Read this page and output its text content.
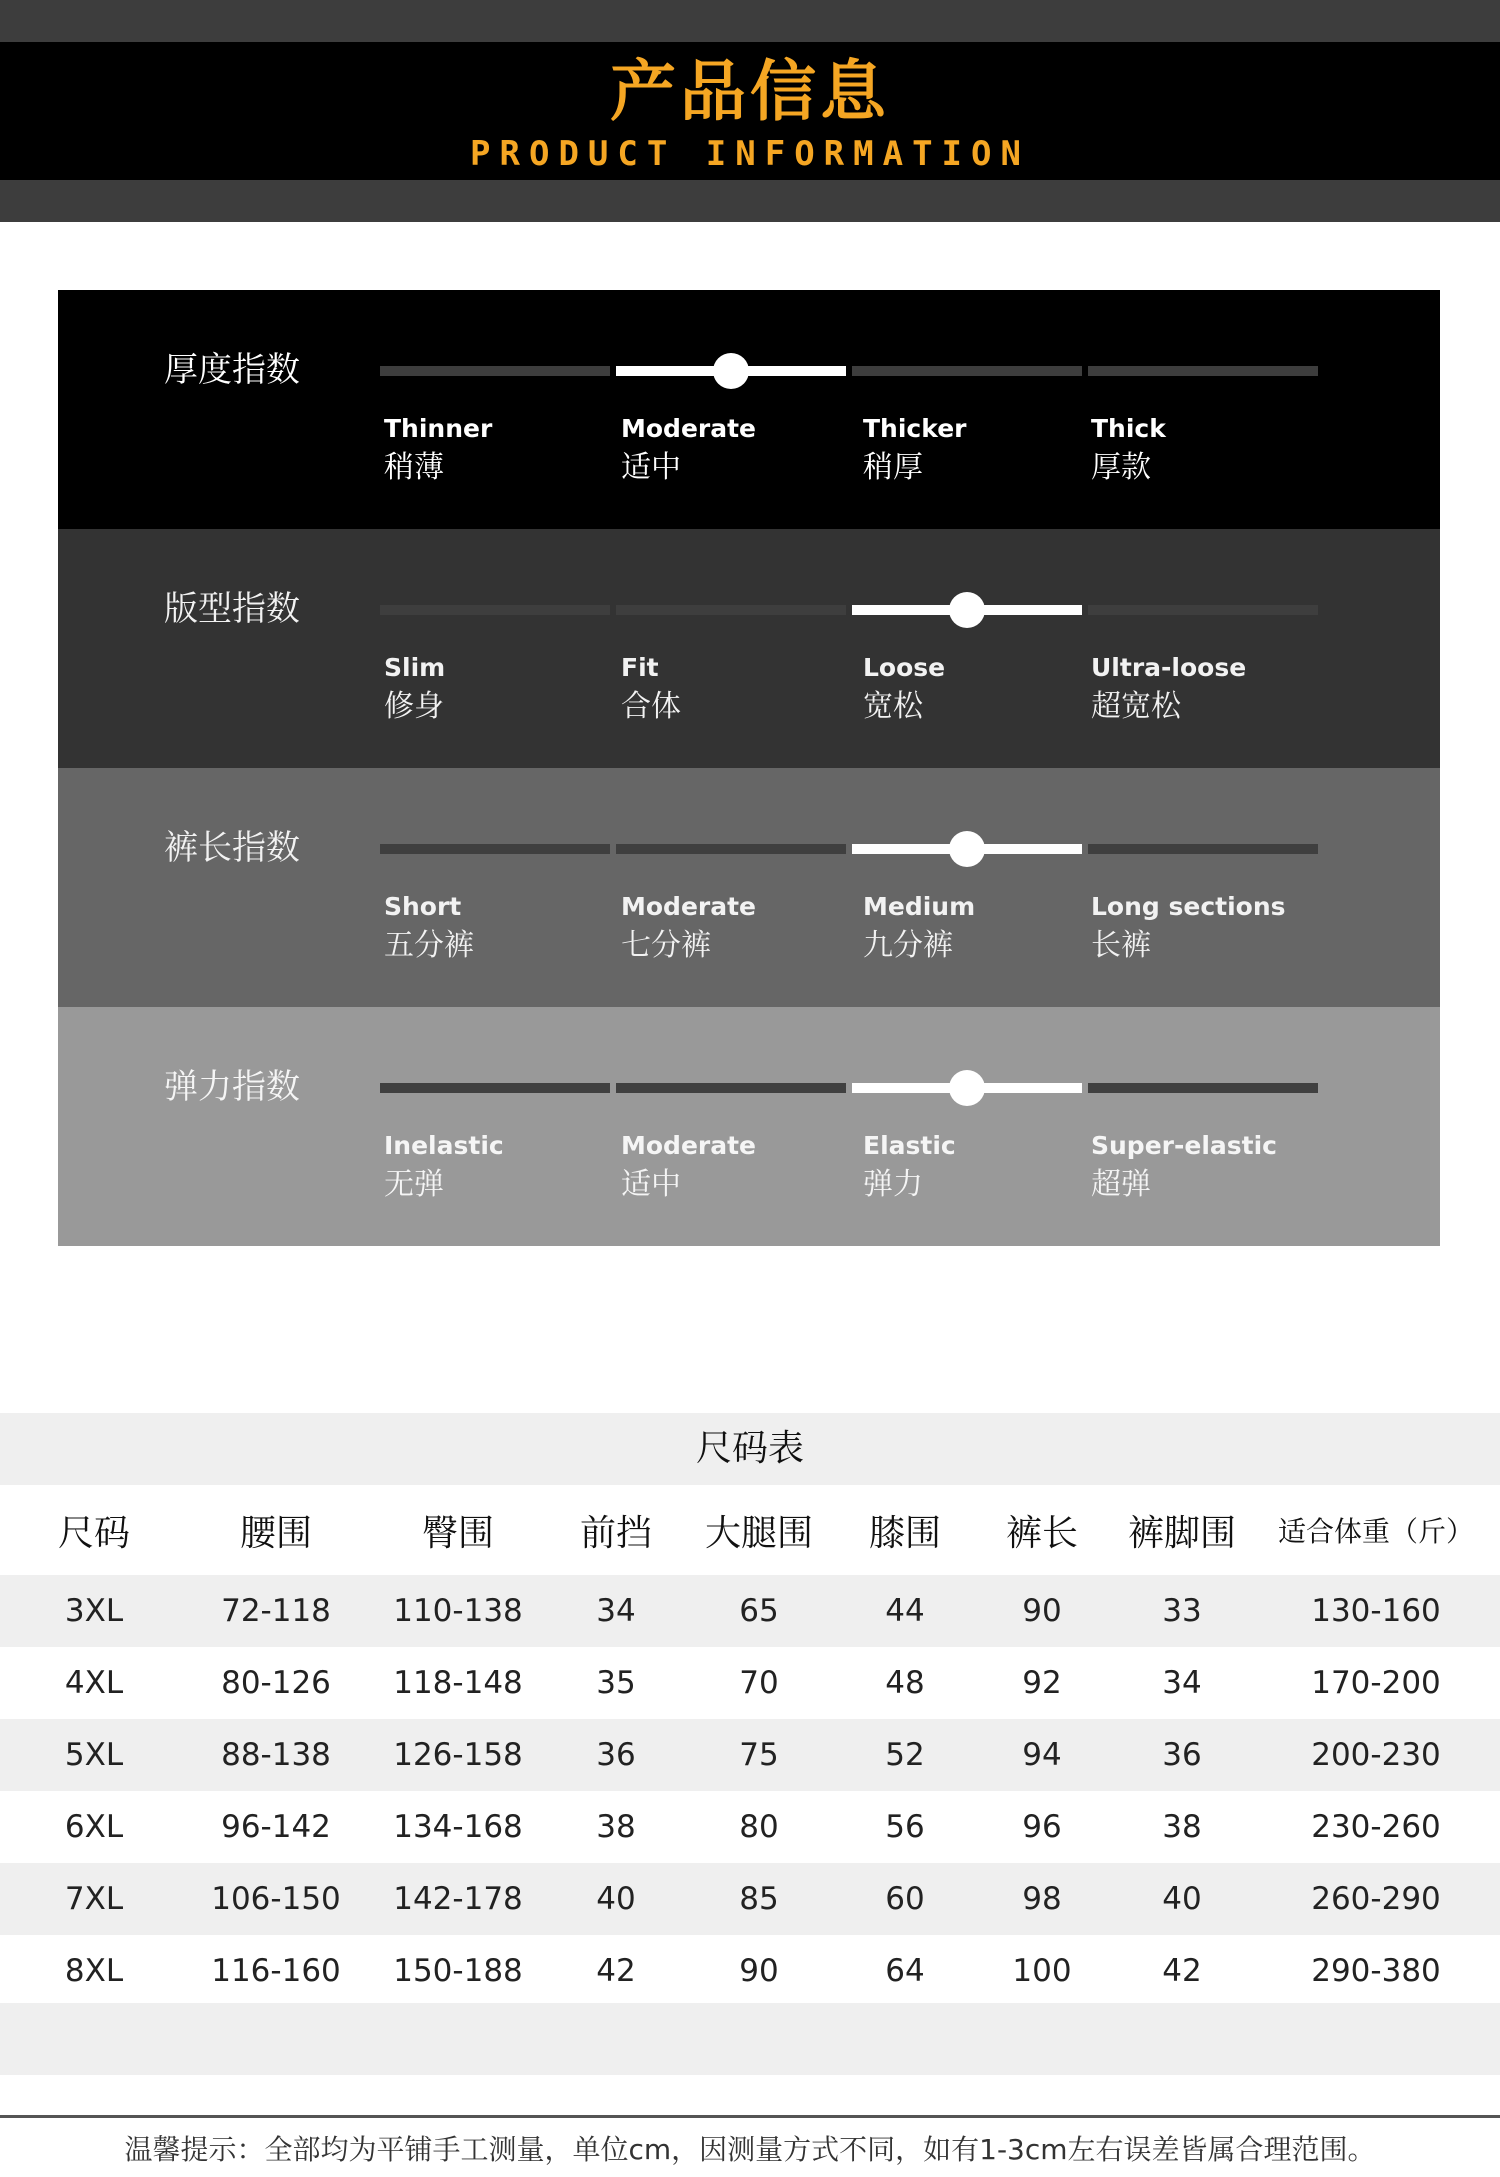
产品信息
PRODUCT INFORMATION
厚度指数
Thinner
稍薄
Moderate
适中
Thicker
稍厚
Thick
厚款
版型指数
Slim
修身
Fit
合体
Loose
宽松
Ultra-loose
超宽松
裤长指数
Short
五分裤
Moderate
七分裤
Medium
九分裤
Long sections
长裤
弹力指数
Inelastic
无弹
Moderate
适中
Elastic
弹力
Super-elastic
超弹
尺码表
尺码	腰围	臀围	前挡	大腿围	膝围	裤长	裤脚围	适合体重（斤）
3XL	72-118	110-138	34	65	44	90	33	130-160
4XL	80-126	118-148	35	70	48	92	34	170-200
5XL	88-138	126-158	36	75	52	94	36	200-230
6XL	96-142	134-168	38	80	56	96	38	230-260
7XL	106-150	142-178	40	85	60	98	40	260-290
8XL	116-160	150-188	42	90	64	100	42	290-380
温馨提示：全部均为平铺手工测量，单位cm，因测量方式不同，如有1-3cm左右误差皆属合理范围。
